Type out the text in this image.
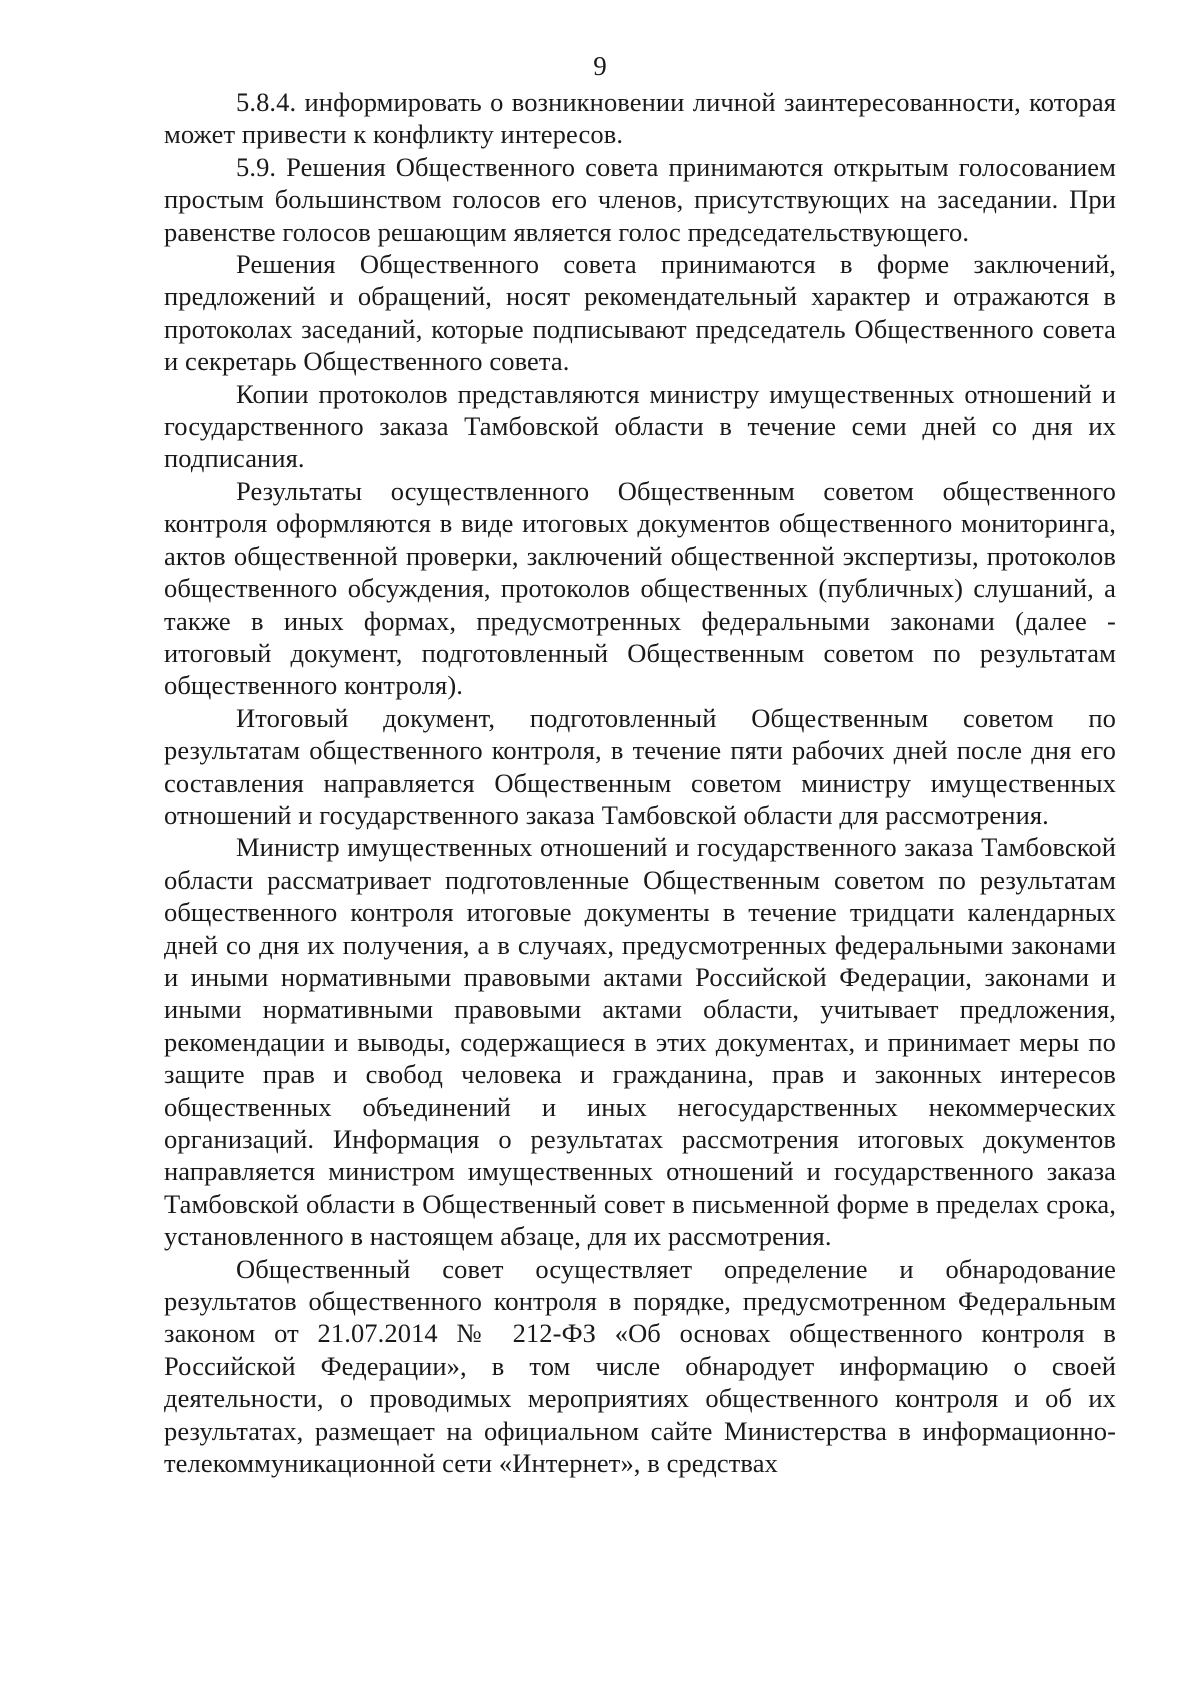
9

5.8.4. информировать о возникновении личной заинтересованности, которая может привести к конфликту интересов.

5.9. Решения Общественного совета принимаются открытым голосованием простым большинством голосов его членов, присутствующих на заседании. При равенстве голосов решающим является голос председательствующего.

Решения Общественного совета принимаются в форме заключений, предложений и обращений, носят рекомендательный характер и отражаются в протоколах заседаний, которые подписывают председатель Общественного совета и секретарь Общественного совета.

Копии протоколов представляются министру имущественных отношений и государственного заказа Тамбовской области в течение семи дней со дня их подписания.

Результаты осуществленного Общественным советом общественного контроля оформляются в виде итоговых документов общественного мониторинга, актов общественной проверки, заключений общественной экспертизы, протоколов общественного обсуждения, протоколов общественных (публичных) слушаний, а также в иных формах, предусмотренных федеральными законами (далее - итоговый документ, подготовленный Общественным советом по результатам общественного контроля).

Итоговый документ, подготовленный Общественным советом по результатам общественного контроля, в течение пяти рабочих дней после дня его составления направляется Общественным советом министру имущественных отношений и государственного заказа Тамбовской области для рассмотрения.

Министр имущественных отношений и государственного заказа Тамбовской области рассматривает подготовленные Общественным советом по результатам общественного контроля итоговые документы в течение тридцати календарных дней со дня их получения, а в случаях, предусмотренных федеральными законами и иными нормативными правовыми актами Российской Федерации, законами и иными нормативными правовыми актами области, учитывает предложения, рекомендации и выводы, содержащиеся в этих документах, и принимает меры по защите прав и свобод человека и гражданина, прав и законных интересов общественных объединений и иных негосударственных некоммерческих организаций. Информация о результатах рассмотрения итоговых документов направляется министром имущественных отношений и государственного заказа Тамбовской области в Общественный совет в письменной форме в пределах срока, установленного в настоящем абзаце, для их рассмотрения.

Общественный совет осуществляет определение и обнародование результатов общественного контроля в порядке, предусмотренном Федеральным законом от 21.07.2014 № 212-ФЗ «Об основах общественного контроля в Российской Федерации», в том числе обнародует информацию о своей деятельности, о проводимых мероприятиях общественного контроля и об их результатах, размещает на официальном сайте Министерства в информационно-телекоммуникационной сети «Интернет», в средствах
